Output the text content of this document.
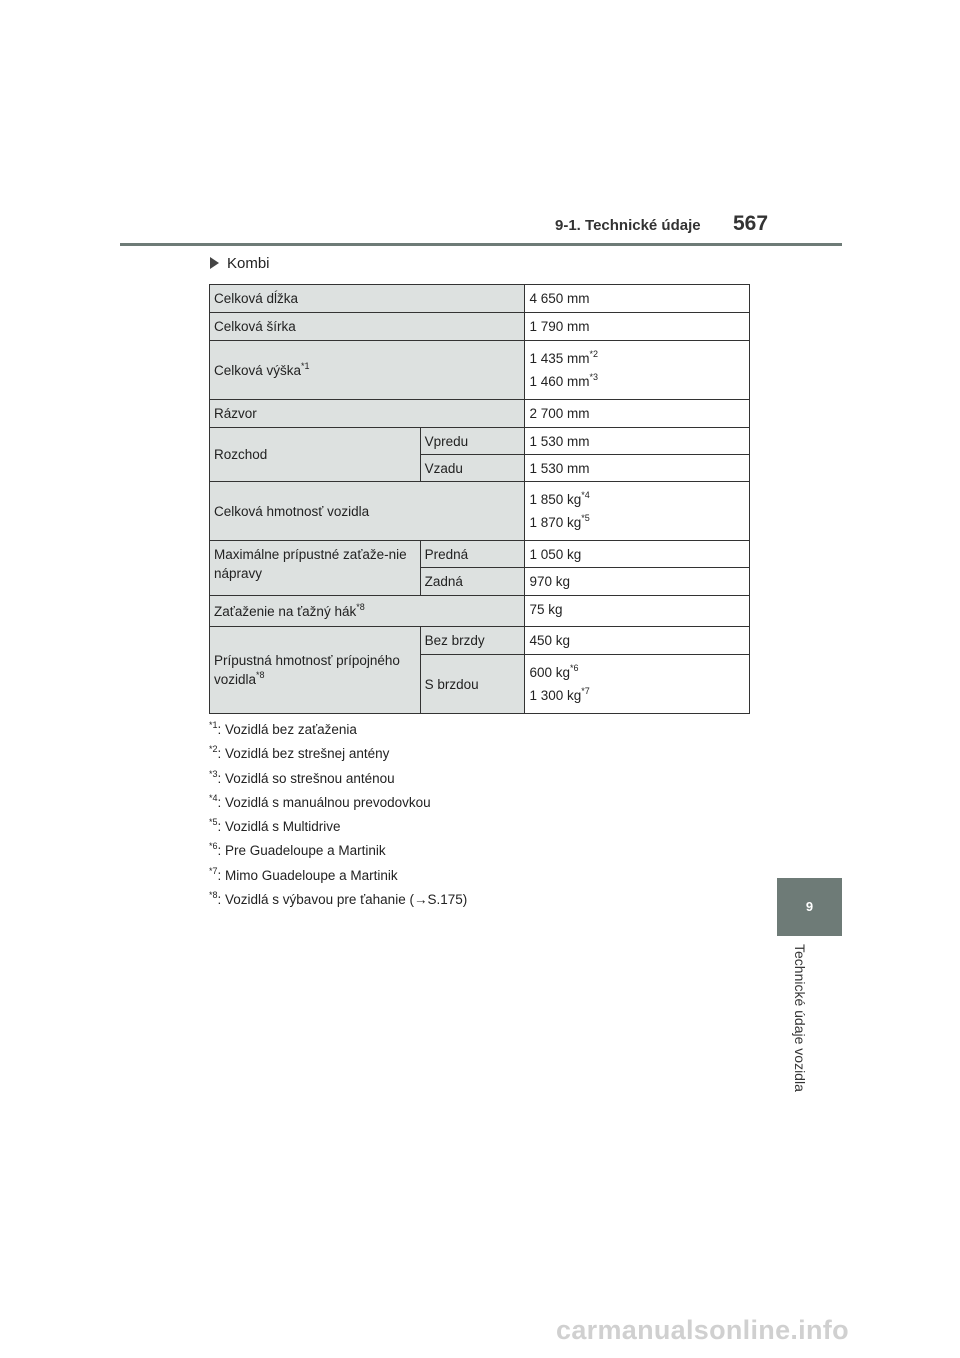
9-1. Technické údaje 567
Kombi
Celková dĺžka		4 650 mm
Celková šírka		1 790 mm
Celková výška$^{*1}$		1 435 $mm^{*2}$
1 460 $mm^{*3}$

Rázvor		2 700 mm
Rozchod	Vpredu	1 530 mm
	Vzadu	1 530 mm
Celková hmotnosť vozidla		1 850 $kg^{*4}$
1 870 $kg^{*5}$

Maximálne prípustné zaťaže-nie nápravy	Predná	1 050 kg
	Zadná	970 kg
Zaťaženie na ťažný hák$^{*8}$		75 kg
Prípustná hmotnosť prípojného vozidla$^{*8}$	Bez brzdy	450 kg
	S brzdou	600 $kg^{*6}$
1 300 $kg^{*7}$
$^{*1}$: Vozidlá bez zaťaženia
$^{*2}$: Vozidlá bez strešnej antény
$^{*3}$: Vozidlá so strešnou anténou
$^{*4}$: Vozidlá s manuálnou prevodovkou
$^{*5}$: Vozidlá s Multidrive
$^{*6}$: Pre Guadeloupe a Martinik
$^{*7}$: Mimo Guadeloupe a Martinik
$^{*8}$: Vozidlá s výbavou pre ťahanie (→S.175)	9
Technické údaje vozidla
carmanualsonline.info
